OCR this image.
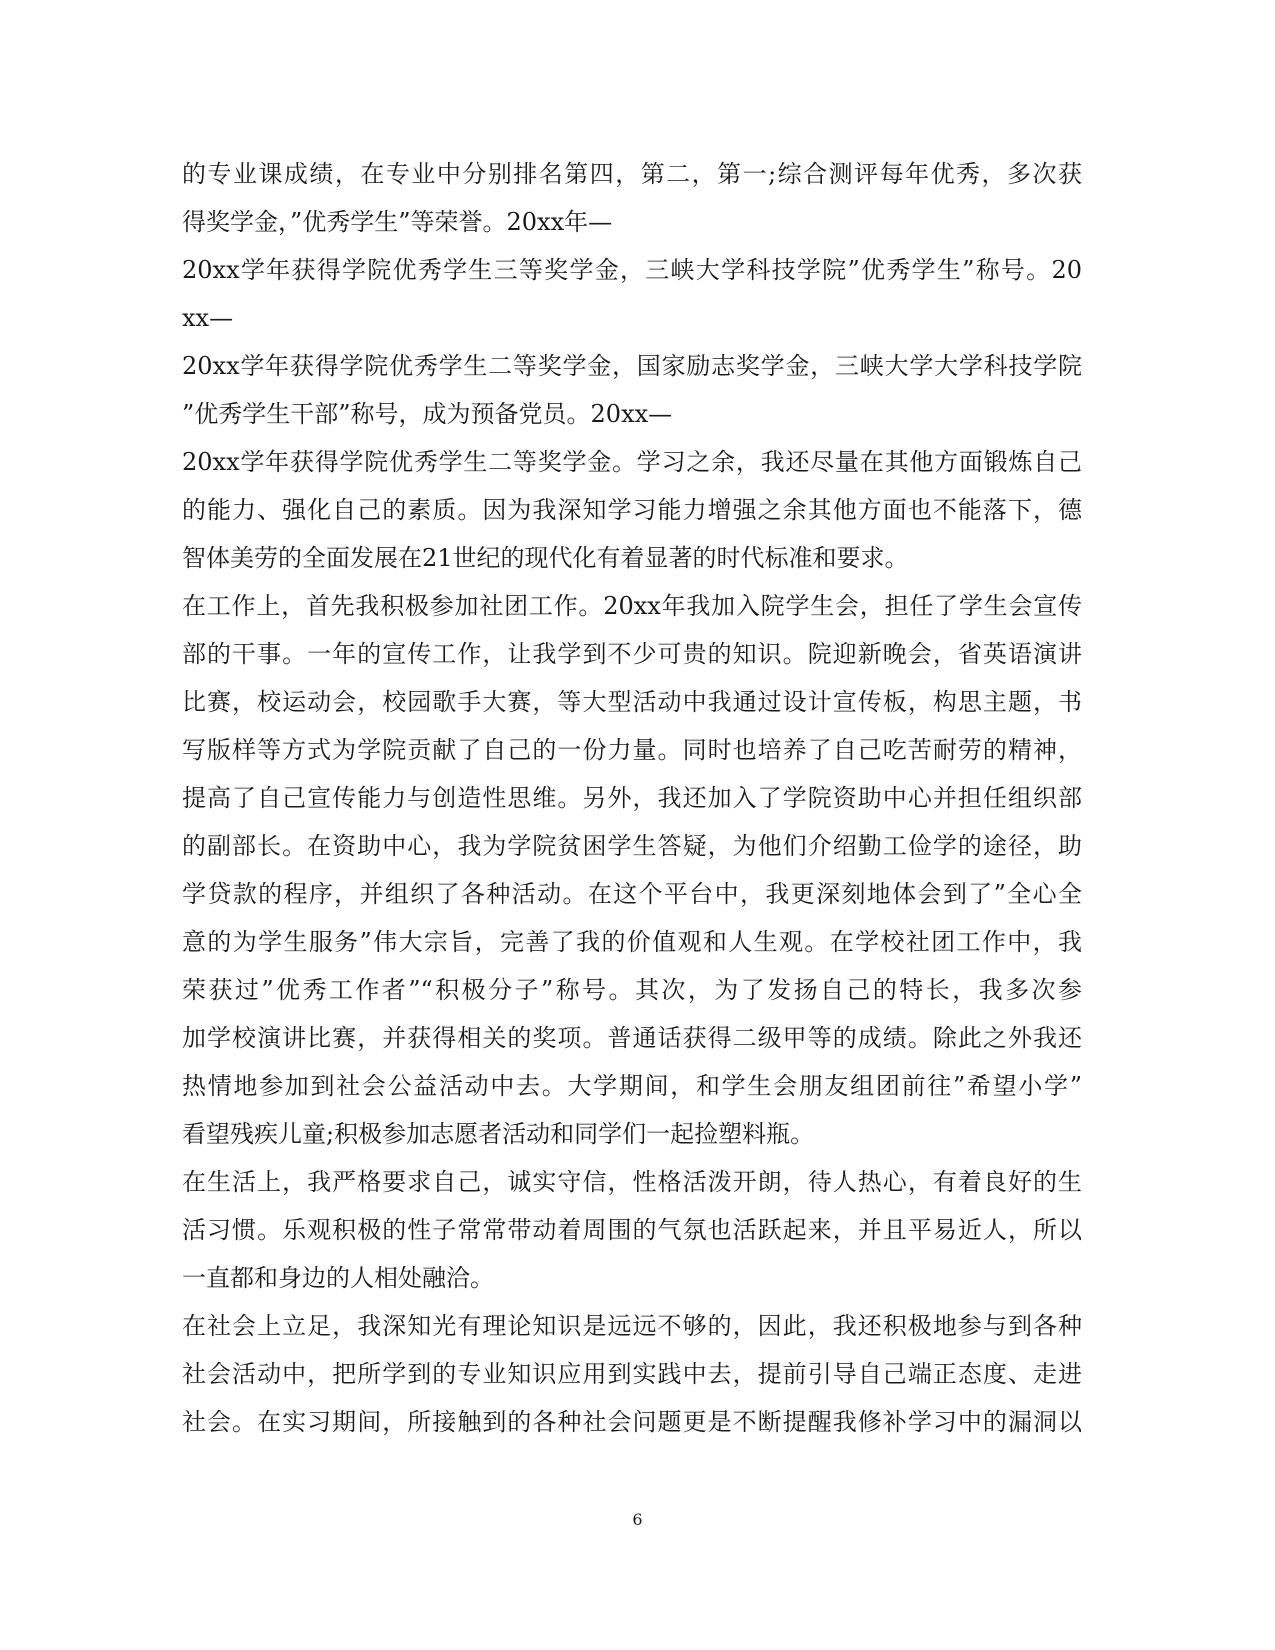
的专业课成绩，在专业中分别排名第四，第二，第一;综合测评每年优秀，多次获
得奖学金，”优秀学生”等荣誉。20xx年—
20xx学年获得学院优秀学生三等奖学金，三峡大学科技学院”优秀学生”称号。20
xx—
20xx学年获得学院优秀学生二等奖学金，国家励志奖学金，三峡大学大学科技学院
”优秀学生干部”称号，成为预备党员。20xx—
20xx学年获得学院优秀学生二等奖学金。学习之余，我还尽量在其他方面锻炼自己
的能力、强化自己的素质。因为我深知学习能力增强之余其他方面也不能落下，德
智体美劳的全面发展在21世纪的现代化有着显著的时代标准和要求。
在工作上，首先我积极参加社团工作。20xx年我加入院学生会，担任了学生会宣传
部的干事。一年的宣传工作，让我学到不少可贵的知识。院迎新晚会，省英语演讲
比赛，校运动会，校园歌手大赛，等大型活动中我通过设计宣传板，构思主题，书
写版样等方式为学院贡献了自己的一份力量。同时也培养了自己吃苦耐劳的精神，
提高了自己宣传能力与创造性思维。另外，我还加入了学院资助中心并担任组织部
的副部长。在资助中心，我为学院贫困学生答疑，为他们介绍勤工俭学的途径，助
学贷款的程序，并组织了各种活动。在这个平台中，我更深刻地体会到了”全心全
意的为学生服务”伟大宗旨，完善了我的价值观和人生观。在学校社团工作中，我
荣获过”优秀工作者”“积极分子”称号。其次，为了发扬自己的特长，我多次参
加学校演讲比赛，并获得相关的奖项。普通话获得二级甲等的成绩。除此之外我还
热情地参加到社会公益活动中去。大学期间，和学生会朋友组团前往”希望小学”
看望残疾儿童;积极参加志愿者活动和同学们一起捡塑料瓶。
在生活上，我严格要求自己，诚实守信，性格活泼开朗，待人热心，有着良好的生
活习惯。乐观积极的性子常常带动着周围的气氛也活跃起来，并且平易近人，所以
一直都和身边的人相处融洽。
在社会上立足，我深知光有理论知识是远远不够的，因此，我还积极地参与到各种
社会活动中，把所学到的专业知识应用到实践中去，提前引导自己端正态度、走进
社会。在实习期间，所接触到的各种社会问题更是不断提醒我修补学习中的漏洞以
6
